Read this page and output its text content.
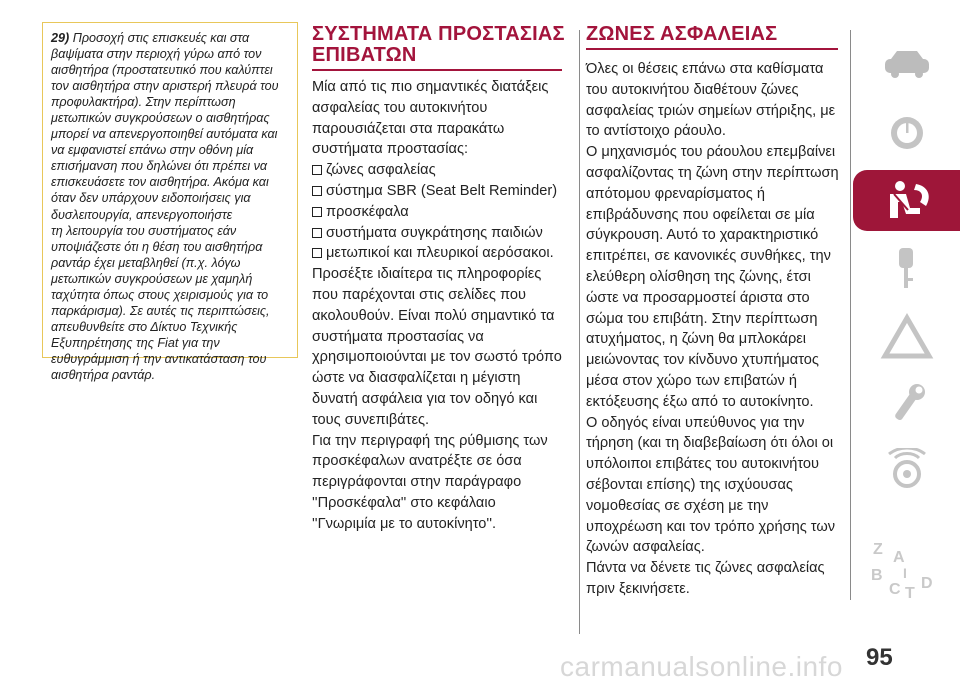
29) Προσοχή στις επισκευές και στα
βαψίματα στην περιοχή γύρω από τον
αισθητήρα (προστατευτικό που καλύπτει
τον αισθητήρα στην αριστερή πλευρά του
προφυλακτήρα). Στην περίπτωση
μετωπικών συγκρούσεων ο αισθητήρας
μπορεί να απενεργοποιηθεί αυτόματα και
να εμφανιστεί επάνω στην οθόνη μία
επισήμανση που δηλώνει ότι πρέπει να
επισκευάσετε τον αισθητήρα. Ακόμα και
όταν δεν υπάρχουν ειδοποιήσεις για
δυσλειτουργία, απενεργοποιήστε
τη λειτουργία του συστήματος εάν
υποψιάζεστε ότι η θέση του αισθητήρα
ραντάρ έχει μεταβληθεί (π.χ. λόγω
μετωπικών συγκρούσεων με χαμηλή
ταχύτητα όπως στους χειρισμούς για το
παρκάρισμα). Σε αυτές τις περιπτώσεις,
απευθυνθείτε στο Δίκτυο Τεχνικής
Εξυπηρέτησης της Fiat για την
ευθυγράμμιση ή την αντικατάσταση του
αισθητήρα ραντάρ.

ΣΥΣΤΗΜΑΤΑ ΠΡΟΣΤΑΣΙΑΣ
ΕΠΙΒΑΤΩΝ
Μία από τις πιο σημαντικές διατάξεις
ασφαλείας του αυτοκινήτου
παρουσιάζεται στα παρακάτω
συστήματα προστασίας:
ζώνες ασφαλείας
σύστημα SBR (Seat Belt Reminder)
προσκέφαλα
συστήματα συγκράτησης παιδιών
μετωπικοί και πλευρικοί αερόσακοι.
Προσέξτε ιδιαίτερα τις πληροφορίες
που παρέχονται στις σελίδες που
ακολουθούν. Είναι πολύ σημαντικό τα
συστήματα προστασίας να
χρησιμοποιούνται με τον σωστό τρόπο
ώστε να διασφαλίζεται η μέγιστη
δυνατή ασφάλεια για τον οδηγό και
τους συνεπιβάτες.
Για την περιγραφή της ρύθμισης των
προσκέφαλων ανατρέξτε σε όσα
περιγράφονται στην παράγραφο
''Προσκέφαλα'' στο κεφάλαιο
''Γνωριμία με το αυτοκίνητο''.
ΖΩΝΕΣ ΑΣΦΑΛΕΙΑΣ
Όλες οι θέσεις επάνω στα καθίσματα
του αυτοκινήτου διαθέτουν ζώνες
ασφαλείας τριών σημείων στήριξης, με
το αντίστοιχο ράουλο.
Ο μηχανισμός του ράουλου επεμβαίνει
ασφαλίζοντας τη ζώνη στην περίπτωση
απότομου φρεναρίσματος ή
επιβράδυνσης που οφείλεται σε μία
σύγκρουση. Αυτό το χαρακτηριστικό
επιτρέπει, σε κανονικές συνθήκες, την
ελεύθερη ολίσθηση της ζώνης, έτσι
ώστε να προσαρμοστεί άριστα στο
σώμα του επιβάτη. Στην περίπτωση
ατυχήματος, η ζώνη θα μπλοκάρει
μειώνοντας τον κίνδυνο χτυπήματος
μέσα στον χώρο των επιβατών ή
εκτόξευσης έξω από το αυτοκίνητο.
Ο οδηγός είναι υπεύθυνος για την
τήρηση (και τη διαβεβαίωση ότι όλοι οι
υπόλοιποι επιβάτες του αυτοκινήτου
σέβονται επίσης) της ισχύουσας
νομοθεσίας σε σχέση με την
υποχρέωση και τον τρόπο χρήσης των
ζωνών ασφαλείας.
Πάντα να δένετε τις ζώνες ασφαλείας
πριν ξεκινήσετε.
Z A
B
C T
I
D
95
carmanualsonline.info
